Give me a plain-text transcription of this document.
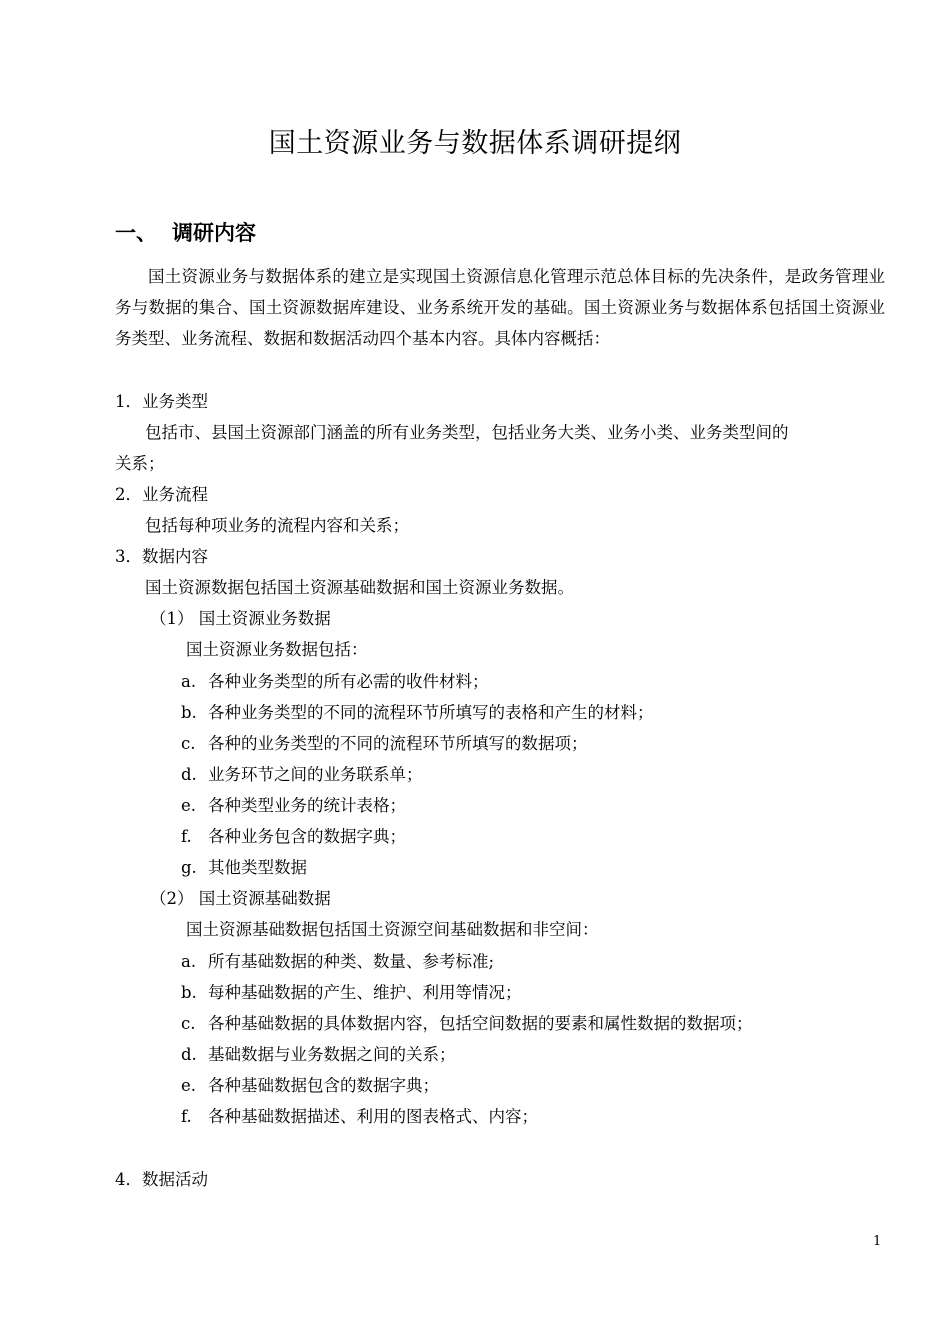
国土资源业务与数据体系调研提纲
一、 调研内容
国土资源业务与数据体系的建立是实现国土资源信息化管理示范总体目标的先决条件，是政务管理业务与数据的集合、国土资源数据库建设、业务系统开发的基础。国土资源业务与数据体系包括国土资源业务类型、业务流程、数据和数据活动四个基本内容。具体内容概括：
1．业务类型
包括市、县国土资源部门涵盖的所有业务类型，包括业务大类、业务小类、业务类型间的
关系；
2．业务流程
包括每种项业务的流程内容和关系；
3．数据内容
国土资源数据包括国土资源基础数据和国土资源业务数据。
（1） 国土资源业务数据
国土资源业务数据包括：
a. 各种业务类型的所有必需的收件材料；
b. 各种业务类型的不同的流程环节所填写的表格和产生的材料；
c. 各种的业务类型的不同的流程环节所填写的数据项；
d. 业务环节之间的业务联系单；
e. 各种类型业务的统计表格；
f. 各种业务包含的数据字典；
g. 其他类型数据
（2） 国土资源基础数据
国土资源基础数据包括国土资源空间基础数据和非空间：
a. 所有基础数据的种类、数量、参考标准;
b. 每种基础数据的产生、维护、利用等情况；
c. 各种基础数据的具体数据内容，包括空间数据的要素和属性数据的数据项；
d. 基础数据与业务数据之间的关系；
e. 各种基础数据包含的数据字典；
f. 各种基础数据描述、利用的图表格式、内容；
4．数据活动
1
